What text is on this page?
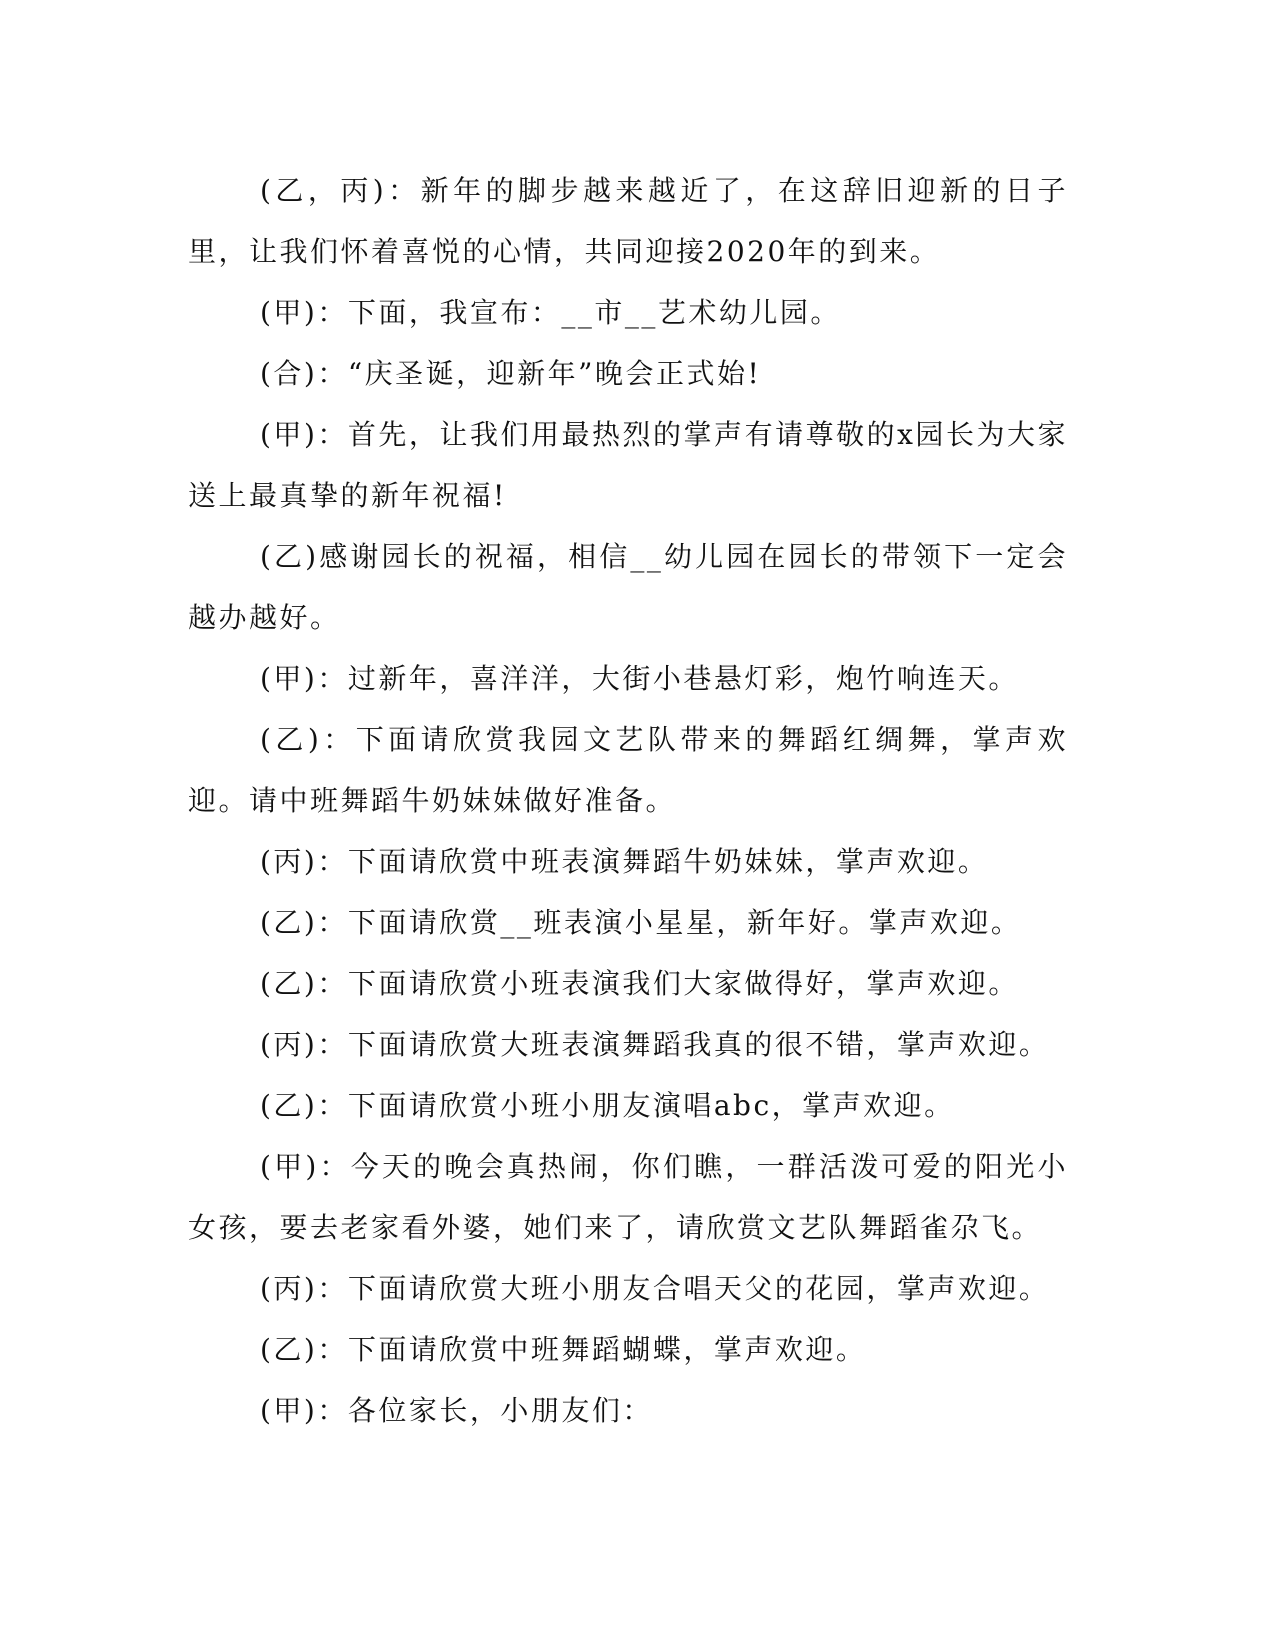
(乙，丙)：新年的脚步越来越近了，在这辞旧迎新的日子里，让我们怀着喜悦的心情，共同迎接2020年的到来。

(甲)：下面，我宣布：__市__艺术幼儿园。

(合)：“庆圣诞，迎新年”晚会正式始!

(甲)：首先，让我们用最热烈的掌声有请尊敬的x园长为大家送上最真挚的新年祝福!

(乙)感谢园长的祝福，相信__幼儿园在园长的带领下一定会越办越好。

(甲)：过新年，喜洋洋，大街小巷悬灯彩，炮竹响连天。

(乙)：下面请欣赏我园文艺队带来的舞蹈红绸舞，掌声欢迎。请中班舞蹈牛奶妹妹做好准备。

(丙)：下面请欣赏中班表演舞蹈牛奶妹妹，掌声欢迎。

(乙)：下面请欣赏__班表演小星星，新年好。掌声欢迎。

(乙)：下面请欣赏小班表演我们大家做得好，掌声欢迎。

(丙)：下面请欣赏大班表演舞蹈我真的很不错，掌声欢迎。

(乙)：下面请欣赏小班小朋友演唱abc，掌声欢迎。

(甲)：今天的晚会真热闹，你们瞧，一群活泼可爱的阳光小女孩，要去老家看外婆，她们来了，请欣赏文艺队舞蹈雀尕飞。

(丙)：下面请欣赏大班小朋友合唱天父的花园，掌声欢迎。

(乙)：下面请欣赏中班舞蹈蝴蝶，掌声欢迎。

(甲)：各位家长，小朋友们：
